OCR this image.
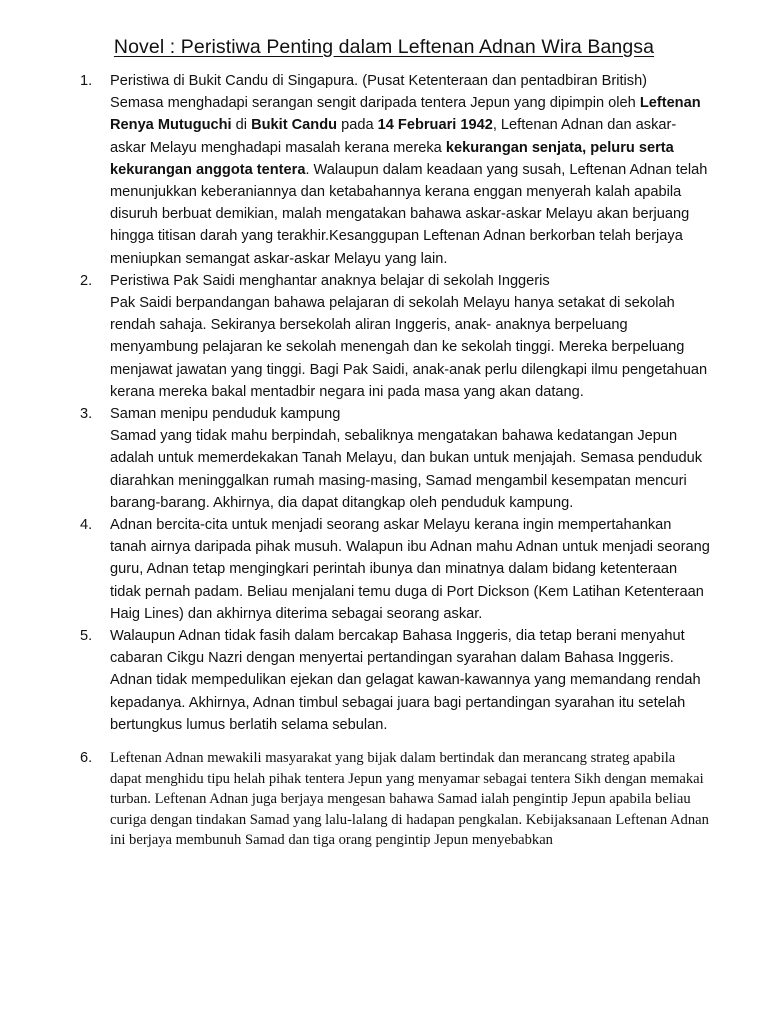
Novel : Peristiwa Penting dalam Leftenan Adnan Wira Bangsa
1. Peristiwa di Bukit Candu di Singapura. (Pusat Ketenteraan dan pentadbiran British)
Semasa menghadapi serangan sengit daripada tentera Jepun yang dipimpin oleh Leftenan Renya Mutuguchi di Bukit Candu pada 14 Februari 1942, Leftenan Adnan dan askar-askar Melayu menghadapi masalah kerana mereka kekurangan senjata, peluru serta kekurangan anggota tentera. Walaupun dalam keadaan yang susah, Leftenan Adnan telah menunjukkan keberaniannya dan ketabahannya kerana enggan menyerah kalah apabila disuruh berbuat demikian, malah mengatakan bahawa askar-askar Melayu akan berjuang hingga titisan darah yang terakhir.Kesanggupan Leftenan Adnan berkorban telah berjaya meniupkan semangat askar-askar Melayu yang lain.
2. Peristiwa Pak Saidi menghantar anaknya belajar di sekolah Inggeris
Pak Saidi berpandangan bahawa pelajaran di sekolah Melayu hanya setakat di sekolah rendah sahaja. Sekiranya bersekolah aliran Inggeris, anak- anaknya berpeluang menyambung pelajaran ke sekolah menengah dan ke sekolah tinggi. Mereka berpeluang menjawat jawatan yang tinggi. Bagi Pak Saidi, anak-anak perlu dilengkapi ilmu pengetahuan kerana mereka bakal mentadbir negara ini pada masa yang akan datang.
3. Saman menipu penduduk kampung
Samad yang tidak mahu berpindah, sebaliknya mengatakan bahawa kedatangan Jepun adalah untuk memerdekakan Tanah Melayu, dan bukan untuk menjajah. Semasa penduduk diarahkan meninggalkan rumah masing-masing, Samad mengambil kesempatan mencuri barang-barang. Akhirnya, dia dapat ditangkap oleh penduduk kampung.
4. Adnan bercita-cita untuk menjadi seorang askar Melayu kerana ingin mempertahankan tanah airnya daripada pihak musuh. Walapun ibu Adnan mahu Adnan untuk menjadi seorang guru, Adnan tetap mengingkari perintah ibunya dan minatnya dalam bidang ketenteraan tidak pernah padam. Beliau menjalani temu duga di Port Dickson (Kem Latihan Ketenteraan Haig Lines) dan akhirnya diterima sebagai seorang askar.
5. Walaupun Adnan tidak fasih dalam bercakap Bahasa Inggeris, dia tetap berani menyahut cabaran Cikgu Nazri dengan menyertai pertandingan syarahan dalam Bahasa Inggeris. Adnan tidak mempedulikan ejekan dan gelagat kawan-kawannya yang memandang rendah kepadanya. Akhirnya, Adnan timbul sebagai juara bagi pertandingan syarahan itu setelah bertungkus lumus berlatih selama sebulan.
6. Leftenan Adnan mewakili masyarakat yang bijak dalam bertindak dan merancang strateg apabila dapat menghidu tipu helah pihak tentera Jepun yang menyamar sebagai tentera Sikh dengan memakai turban. Leftenan Adnan juga berjaya mengesan bahawa Samad ialah pengintip Jepun apabila beliau curiga dengan tindakan Samad yang lalu-lalang di hadapan pengkalan. Kebijaksanaan Leftenan Adnan ini berjaya membunuh Samad dan tiga orang pengintip Jepun menyebabkan
